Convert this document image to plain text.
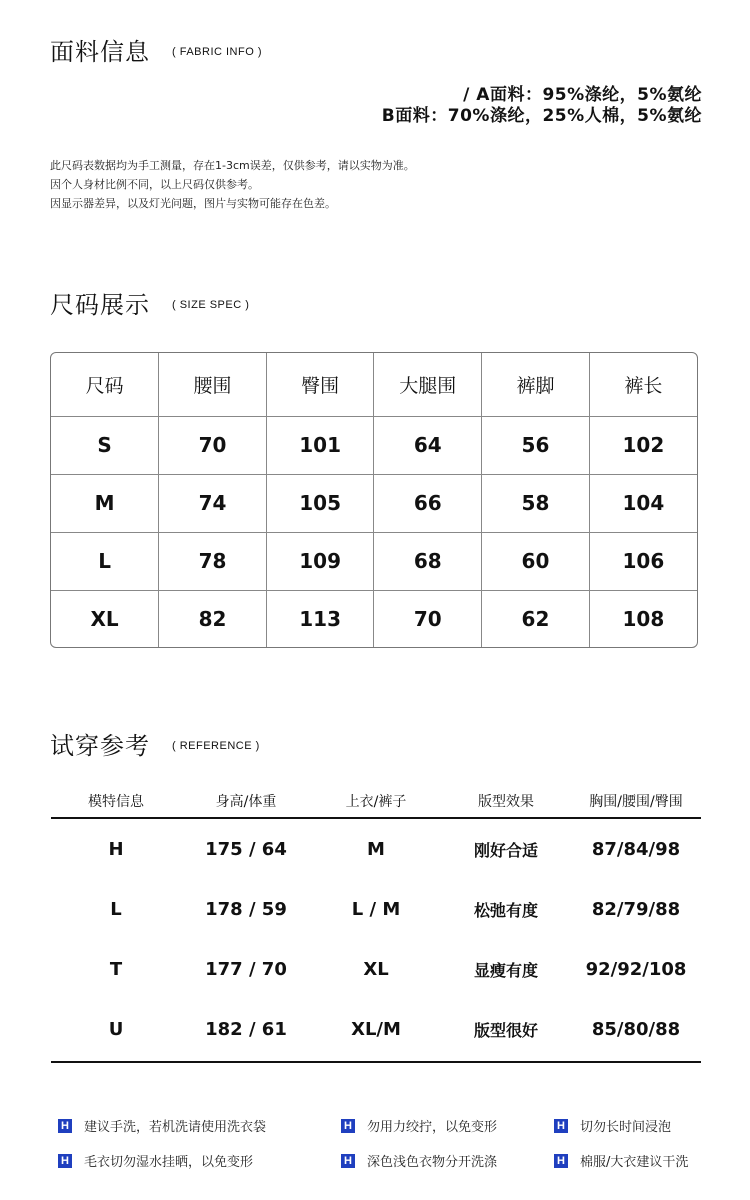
面料信息 ( FABRIC INFO )
/ A面料：95%涤纶，5%氨纶
B面料：70%涤纶，25%人棉，5%氨纶
此尺码表数据均为手工测量，存在1-3cm误差，仅供参考，请以实物为准。
因个人身材比例不同，以上尺码仅供参考。
因显示器差异，以及灯光问题，图片与实物可能存在色差。
尺码展示 ( SIZE SPEC )
尺码	腰围	臀围	大腿围	裤脚	裤长
S	70	101	64	56	102
M	74	105	66	58	104
L	78	109	68	60	106
XL	82	113	70	62	108
试穿参考 ( REFERENCE )
模特信息	身高/体重	上衣/裤子	版型效果	胸围/腰围/臀围
H	175 / 64	M	刚好合适	87/84/98
L	178 / 59	L / M	松弛有度	82/79/88
T	177 / 70	XL	显瘦有度	92/92/108
U	182 / 61	XL/M	版型很好	85/80/88
H 建议手洗，若机洗请使用洗衣袋	H 勿用力绞拧，以免变形	H 切勿长时间浸泡
H 毛衣切勿湿水挂晒，以免变形	H 深色浅色衣物分开洗涤	H 棉服/大衣建议干洗
